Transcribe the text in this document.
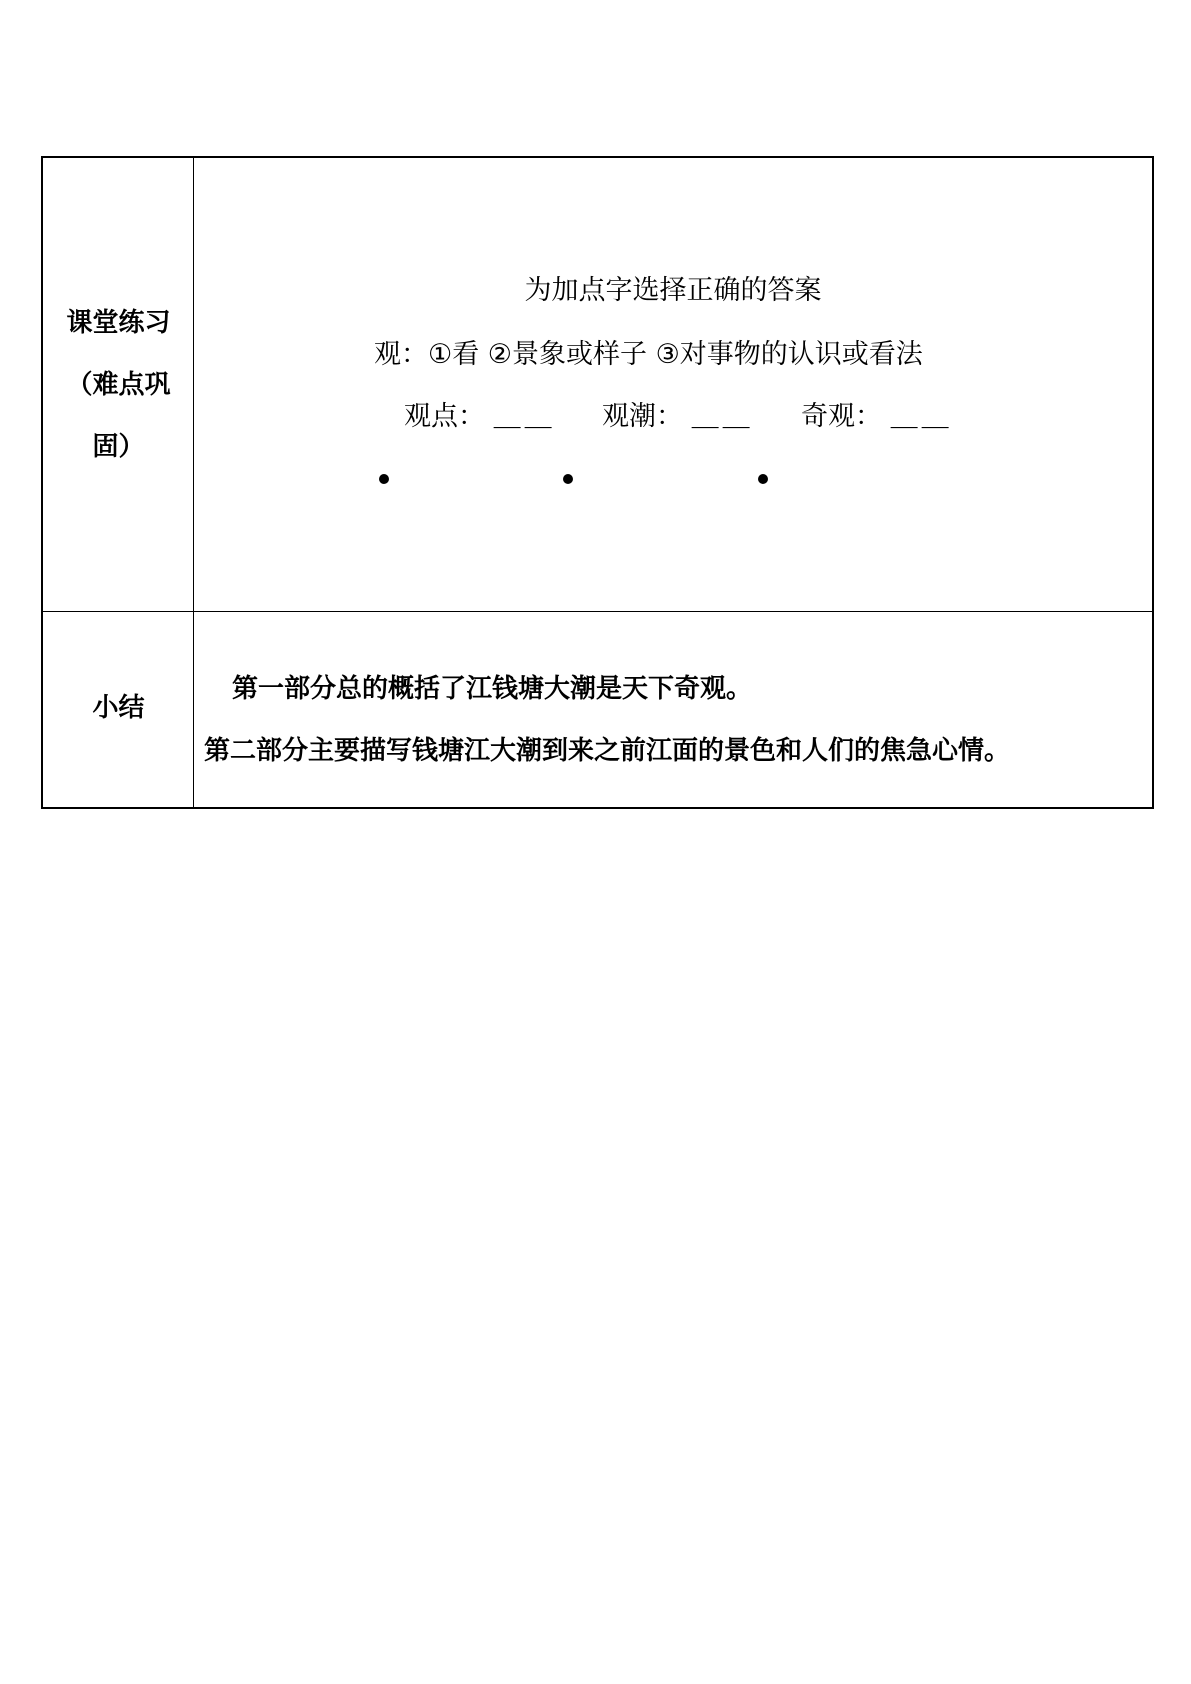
课堂练习
（难点巩
固）
为加点字选择正确的答案
观：①看 ②景象或样子 ③对事物的认识或看法
观点： ＿＿ 观潮： ＿＿ 奇观： ＿＿
小结
第一部分总的概括了江钱塘大潮是天下奇观。
第二部分主要描写钱塘江大潮到来之前江面的景色和人们的焦急心情。
